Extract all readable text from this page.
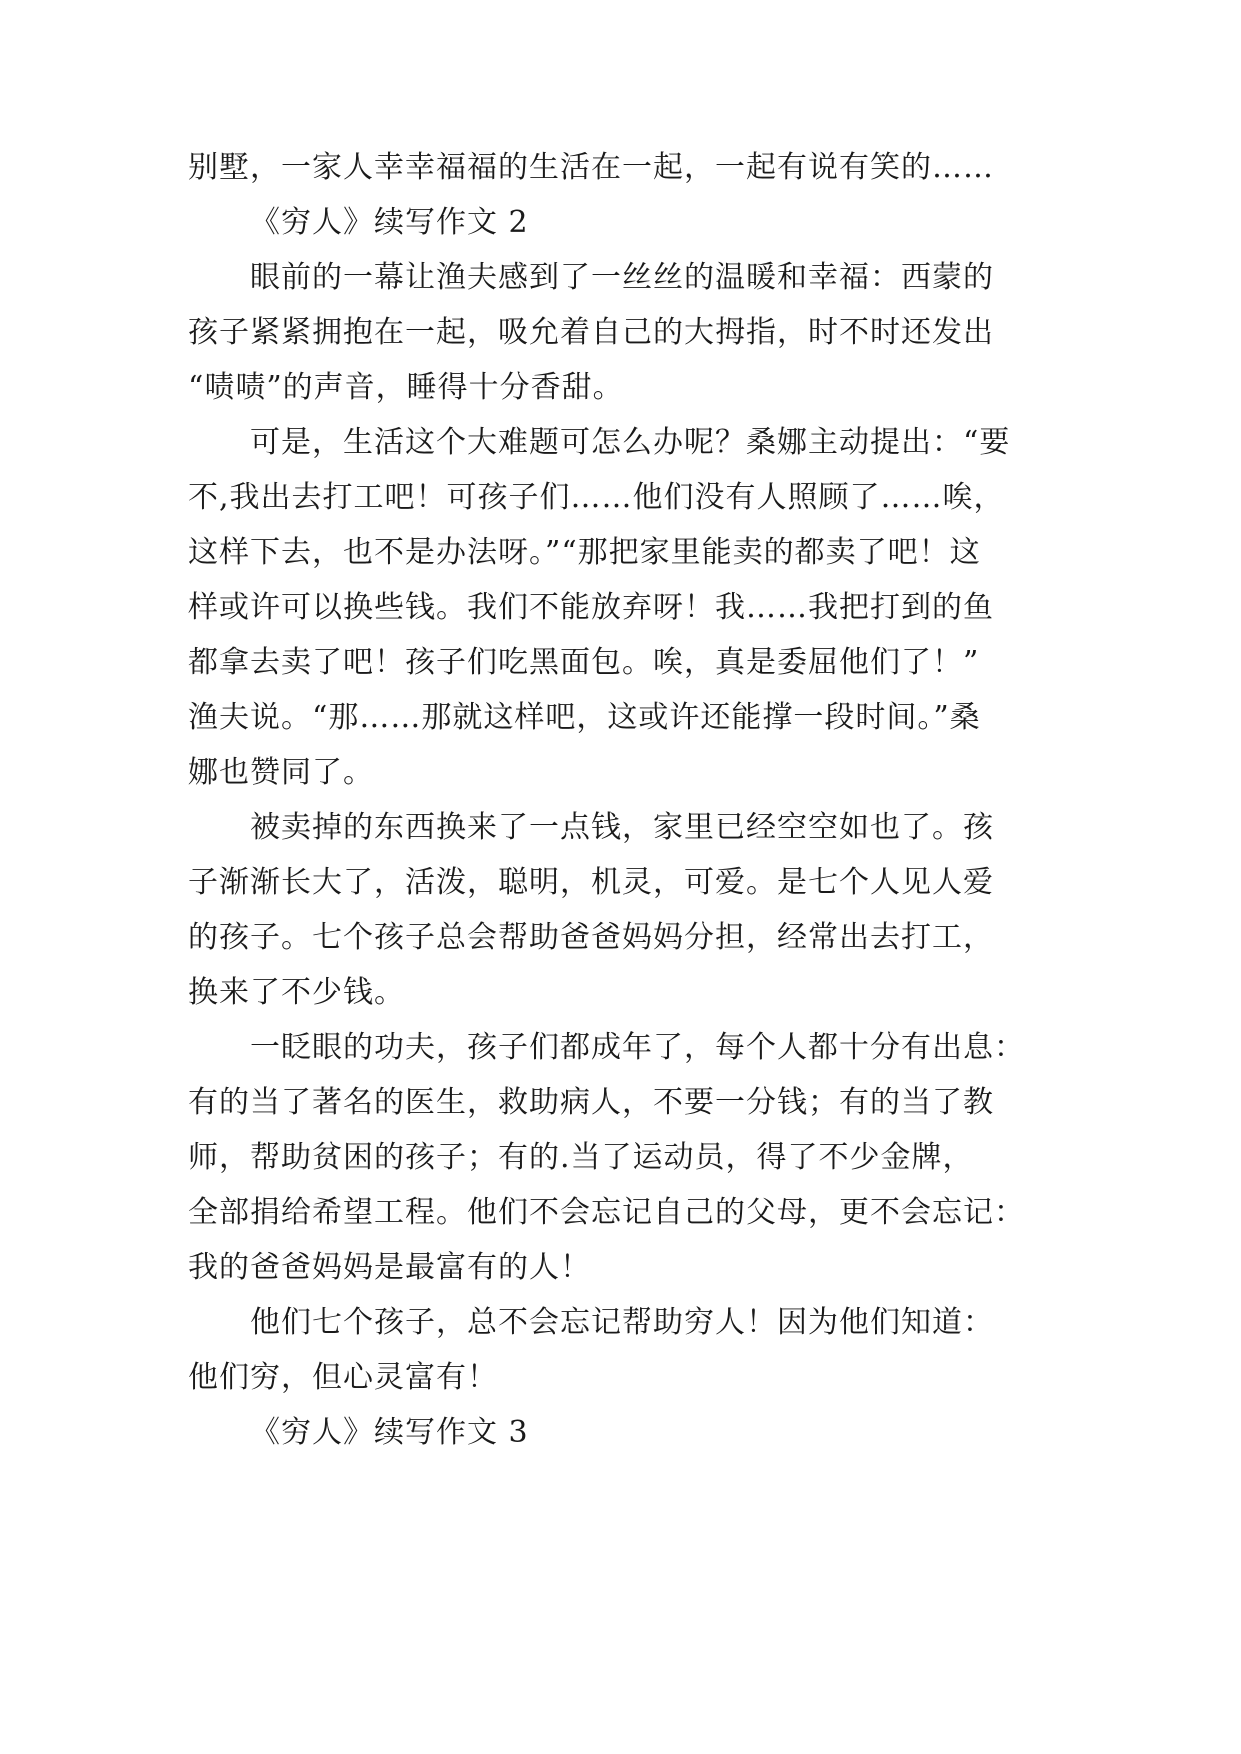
别墅，一家人幸幸福福的生活在一起，一起有说有笑的……
《穷人》续写作文 2
眼前的一幕让渔夫感到了一丝丝的温暖和幸福：西蒙的
孩子紧紧拥抱在一起，吸允着自己的大拇指，时不时还发出
“啧啧”的声音，睡得十分香甜。
可是，生活这个大难题可怎么办呢？桑娜主动提出：“要
不,我出去打工吧！可孩子们……他们没有人照顾了……唉，
这样下去，也不是办法呀。”“那把家里能卖的都卖了吧！这
样或许可以换些钱。我们不能放弃呀！我……我把打到的鱼
都拿去卖了吧！孩子们吃黑面包。唉，真是委屈他们了！”
渔夫说。“那……那就这样吧，这或许还能撑一段时间。”桑
娜也赞同了。
被卖掉的东西换来了一点钱，家里已经空空如也了。孩
子渐渐长大了，活泼，聪明，机灵，可爱。是七个人见人爱
的孩子。七个孩子总会帮助爸爸妈妈分担，经常出去打工，
换来了不少钱。
一眨眼的功夫，孩子们都成年了，每个人都十分有出息：
有的当了著名的医生，救助病人，不要一分钱；有的当了教
师，帮助贫困的孩子；有的.当了运动员，得了不少金牌，
全部捐给希望工程。他们不会忘记自己的父母，更不会忘记：
我的爸爸妈妈是最富有的人！
他们七个孩子，总不会忘记帮助穷人！因为他们知道：
他们穷，但心灵富有！
《穷人》续写作文 3
